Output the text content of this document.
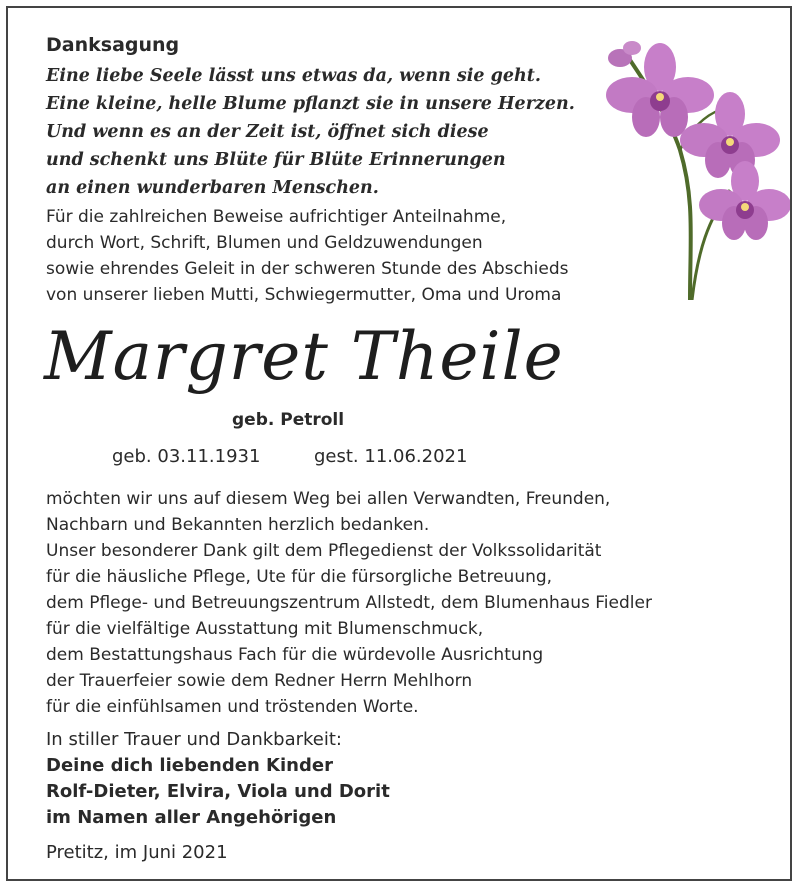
Danksagung
Eine liebe Seele lässt uns etwas da, wenn sie geht.
Eine kleine, helle Blume pflanzt sie in unsere Herzen.
Und wenn es an der Zeit ist, öffnet sich diese
und schenkt uns Blüte für Blüte Erinnerungen
an einen wunderbaren Menschen.
Für die zahlreichen Beweise aufrichtiger Anteilnahme,
durch Wort, Schrift, Blumen und Geldzuwendungen
sowie ehrendes Geleit in der schweren Stunde des Abschieds
von unserer lieben Mutti, Schwiegermutter, Oma und Uroma
Margret Theile
geb. Petroll
geb. 03.11.1931	gest. 11.06.2021
möchten wir uns auf diesem Weg bei allen Verwandten, Freunden,
Nachbarn und Bekannten herzlich bedanken.
Unser besonderer Dank gilt dem Pflegedienst der Volkssolidarität
für die häusliche Pflege, Ute für die fürsorgliche Betreuung,
dem Pflege- und Betreuungszentrum Allstedt, dem Blumenhaus Fiedler
für die vielfältige Ausstattung mit Blumenschmuck,
dem Bestattungshaus Fach für die würdevolle Ausrichtung
der Trauerfeier sowie dem Redner Herrn Mehlhorn
für die einfühlsamen und tröstenden Worte.
In stiller Trauer und Dankbarkeit:
Deine dich liebenden Kinder
Rolf-Dieter, Elvira, Viola und Dorit
im Namen aller Angehörigen
Pretitz, im Juni 2021
